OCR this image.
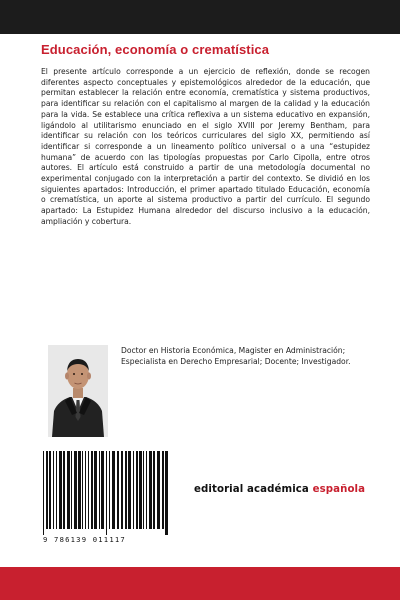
Educación, economía o crematística

El presente artículo corresponde a un ejercicio de reflexión, donde se recogen diferentes aspecto conceptuales y epistemológicos alrededor de la educación, que permitan establecer la relación entre economía, crematística y sistema productivos, para identificar su relación con el capitalismo al margen de la calidad y la educación para la vida. Se establece una crítica reflexiva a un sistema educativo en expansión, ligándolo al utilitarismo enunciado en el siglo XVIII por Jeremy Bentham, para identificar su relación con los teóricos curriculares del siglo XX, permitiendo así identificar si corresponde a un lineamento político universal o a una “estupidez humana” de acuerdo con las tipologías propuestas por Carlo Cipolla, entre otros autores. El artículo está construido a partir de una metodología documental no experimental conjugado con la interpretación a partir del contexto. Se dividió en los siguientes apartados: Introducción, el primer apartado titulado Educación, economía o crematística, un aporte al sistema productivo a partir del currículo. El segundo apartado: La Estupidez Humana alrededor del discurso inclusivo a la educación, ampliación y cobertura.

Doctor en Historia Económica, Magister en Administración; Especialista en Derecho Empresarial; Docente; Investigador.

9 786139 011117

editorial académica española
